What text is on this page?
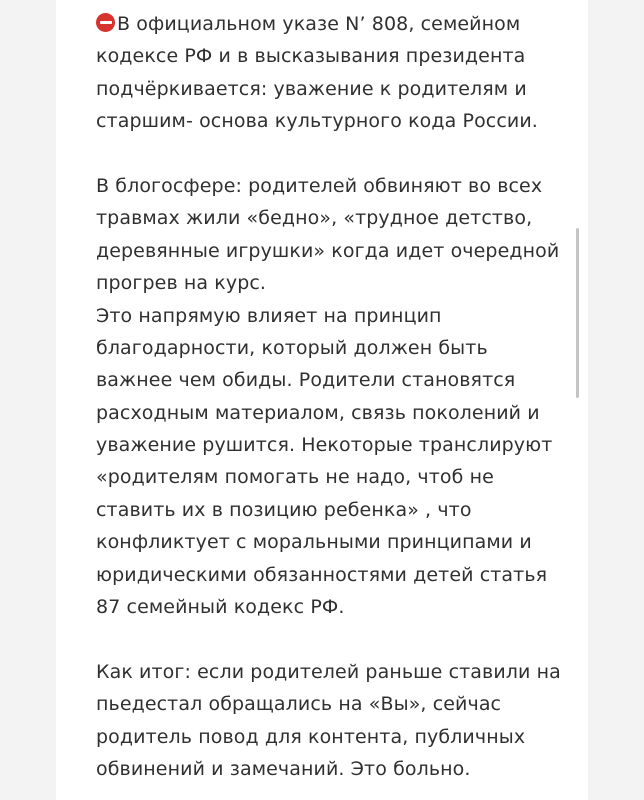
В официальном указе N’ 808, семейном
кодексе РФ и в высказывания президента
подчёркивается: уважение к родителям и
старшим- основа культурного кода России.
В блогосфере: родителей обвиняют во всех
травмах жили «бедно», «трудное детство,
деревянные игрушки» когда идет очередной
прогрев на курс.
Это напрямую влияет на принцип
благодарности, который должен быть
важнее чем обиды. Родители становятся
расходным материалом, связь поколений и
уважение рушится. Некоторые транслируют
«родителям помогать не надо, чтоб не
ставить их в позицию ребенка» , что
конфликтует с моральными принципами и
юридическими обязанностями детей статья
87 семейный кодекс РФ.
Как итог: если родителей раньше ставили на
пьедестал обращались на «Вы», сейчас
родитель повод для контента, публичных
обвинений и замечаний. Это больно.
